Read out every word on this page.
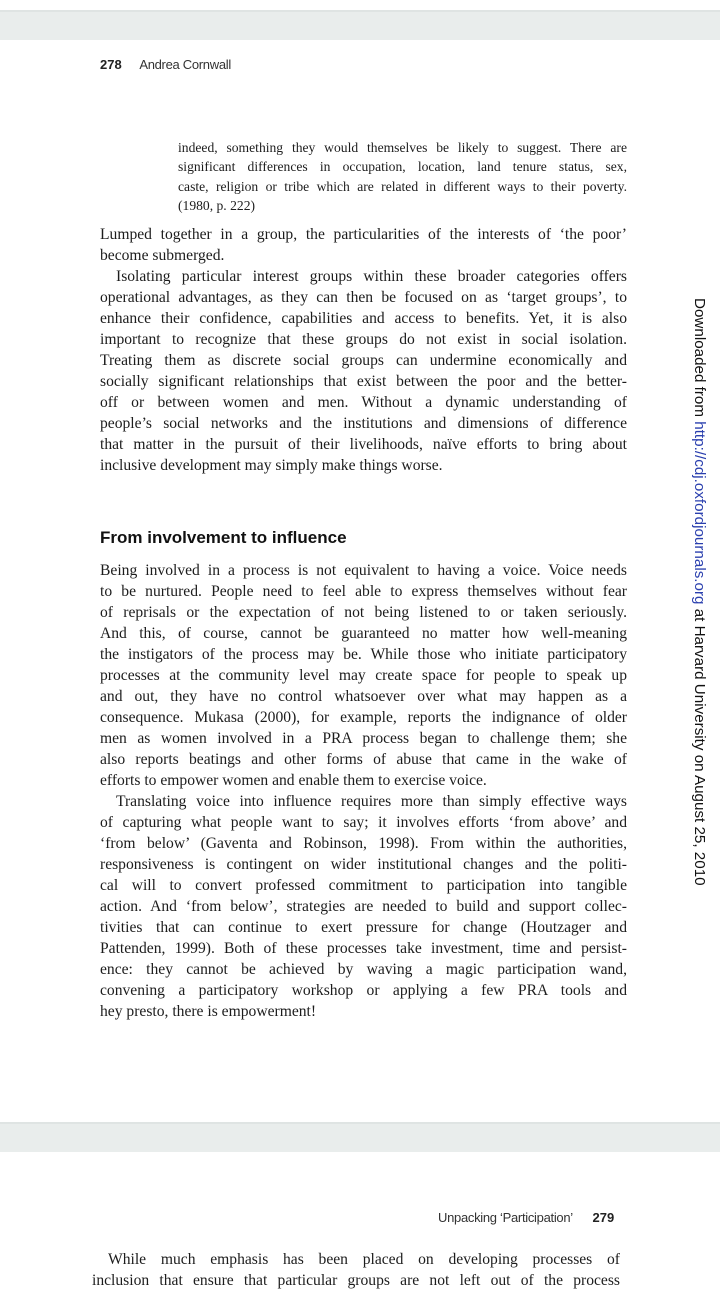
278 Andrea Cornwall
indeed, something they would themselves be likely to suggest. There are
significant differences in occupation, location, land tenure status, sex,
caste, religion or tribe which are related in different ways to their poverty.
(1980, p. 222)
Lumped together in a group, the particularities of the interests of ‘the poor’
become submerged.
Isolating particular interest groups within these broader categories offers
operational advantages, as they can then be focused on as ‘target groups’, to
enhance their confidence, capabilities and access to benefits. Yet, it is also
important to recognize that these groups do not exist in social isolation.
Treating them as discrete social groups can undermine economically and
socially significant relationships that exist between the poor and the better-
off or between women and men. Without a dynamic understanding of
people’s social networks and the institutions and dimensions of difference
that matter in the pursuit of their livelihoods, naïve efforts to bring about
inclusive development may simply make things worse.
From involvement to influence
Being involved in a process is not equivalent to having a voice. Voice needs
to be nurtured. People need to feel able to express themselves without fear
of reprisals or the expectation of not being listened to or taken seriously.
And this, of course, cannot be guaranteed no matter how well-meaning
the instigators of the process may be. While those who initiate participatory
processes at the community level may create space for people to speak up
and out, they have no control whatsoever over what may happen as a
consequence. Mukasa (2000), for example, reports the indignance of older
men as women involved in a PRA process began to challenge them; she
also reports beatings and other forms of abuse that came in the wake of
efforts to empower women and enable them to exercise voice.
Translating voice into influence requires more than simply effective ways
of capturing what people want to say; it involves efforts ‘from above’ and
‘from below’ (Gaventa and Robinson, 1998). From within the authorities,
responsiveness is contingent on wider institutional changes and the politi-
cal will to convert professed commitment to participation into tangible
action. And ‘from below’, strategies are needed to build and support collec-
tivities that can continue to exert pressure for change (Houtzager and
Pattenden, 1999). Both of these processes take investment, time and persist-
ence: they cannot be achieved by waving a magic participation wand,
convening a participatory workshop or applying a few PRA tools and
hey presto, there is empowerment!
Downloaded from http://cdj.oxfordjournals.org at Harvard University on August 25, 2010
Unpacking ‘Participation’ 279
While much emphasis has been placed on developing processes of
inclusion that ensure that particular groups are not left out of the process
